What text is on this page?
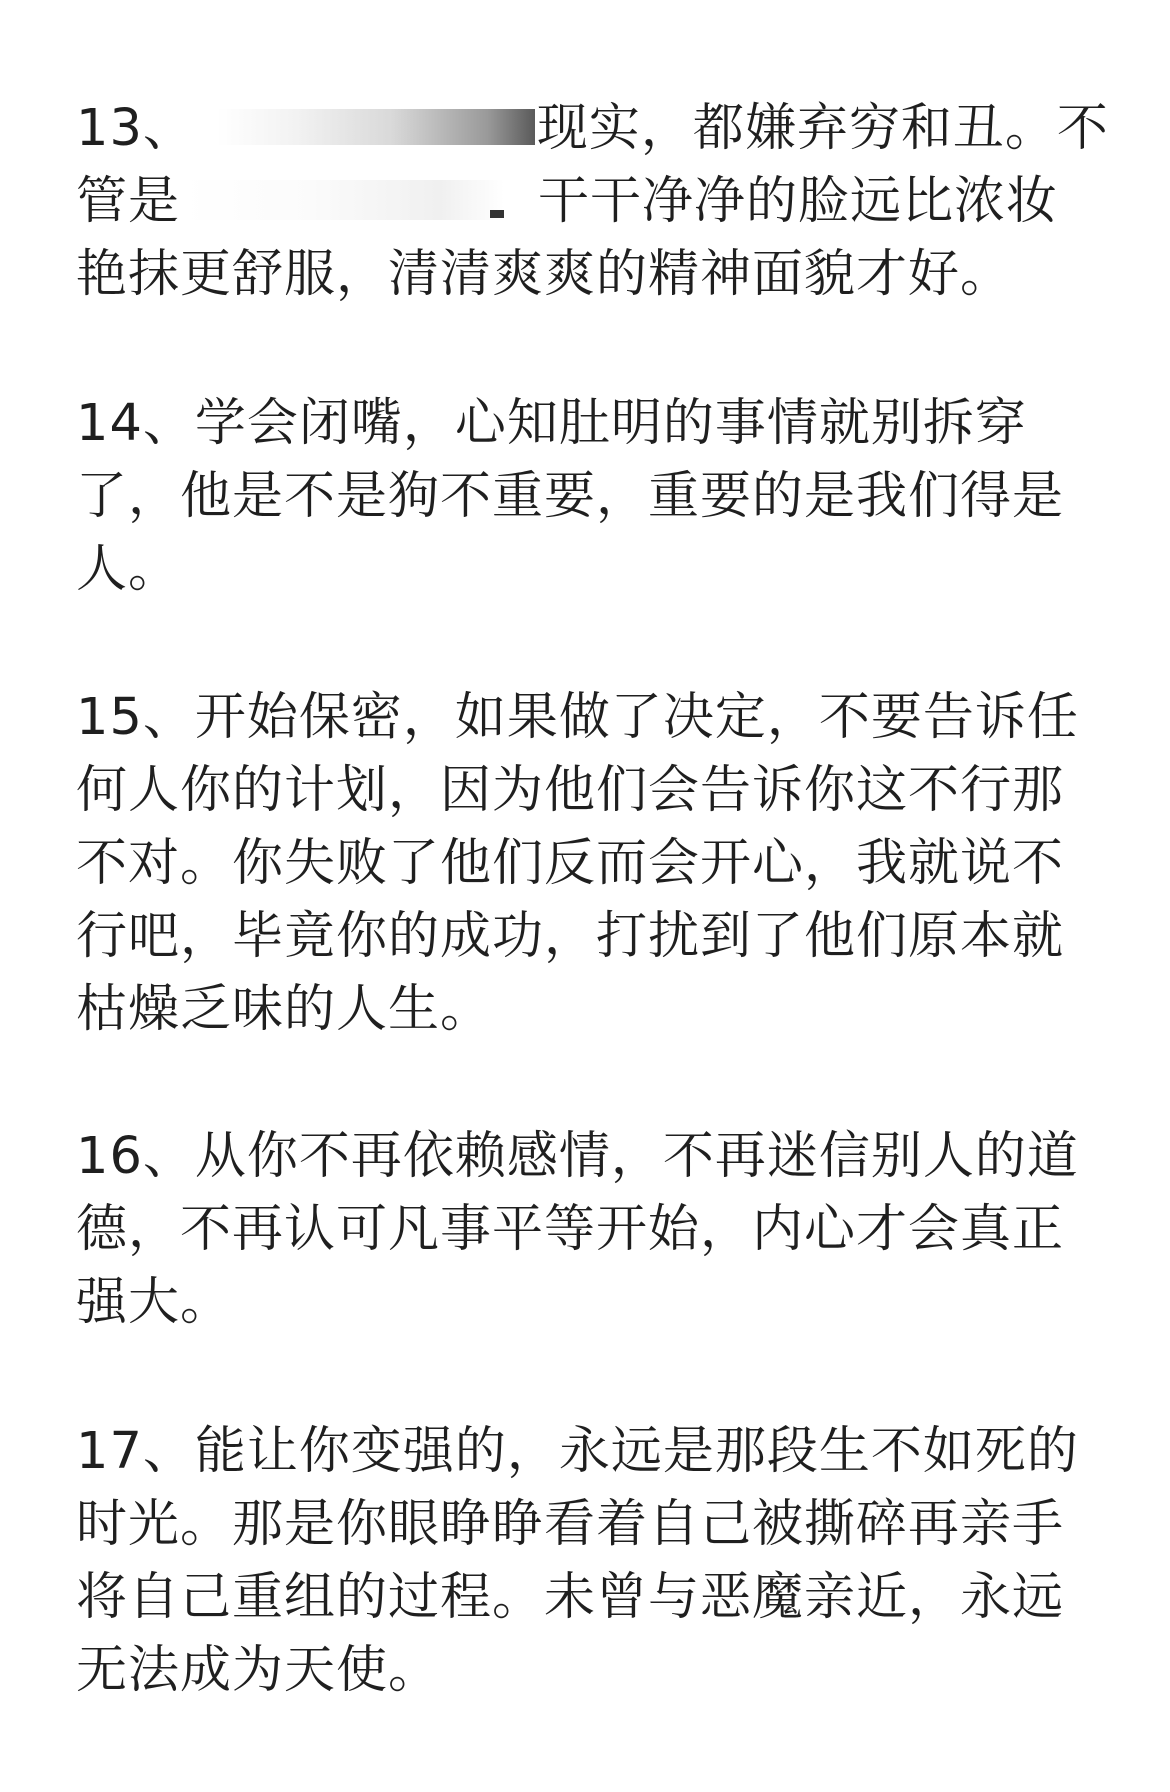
13、	现实，都嫌弃穷和丑。不
管是	干干净净的脸远比浓妆
艳抹更舒服，清清爽爽的精神面貌才好。
14、学会闭嘴，心知肚明的事情就别拆穿
了，他是不是狗不重要，重要的是我们得是
人。
15、开始保密，如果做了决定，不要告诉任
何人你的计划，因为他们会告诉你这不行那
不对。你失败了他们反而会开心，我就说不
行吧，毕竟你的成功，打扰到了他们原本就
枯燥乏味的人生。
16、从你不再依赖感情，不再迷信别人的道
德，不再认可凡事平等开始，内心才会真正
强大。
17、能让你变强的，永远是那段生不如死的
时光。那是你眼睁睁看着自己被撕碎再亲手
将自己重组的过程。未曾与恶魔亲近，永远
无法成为天使。
